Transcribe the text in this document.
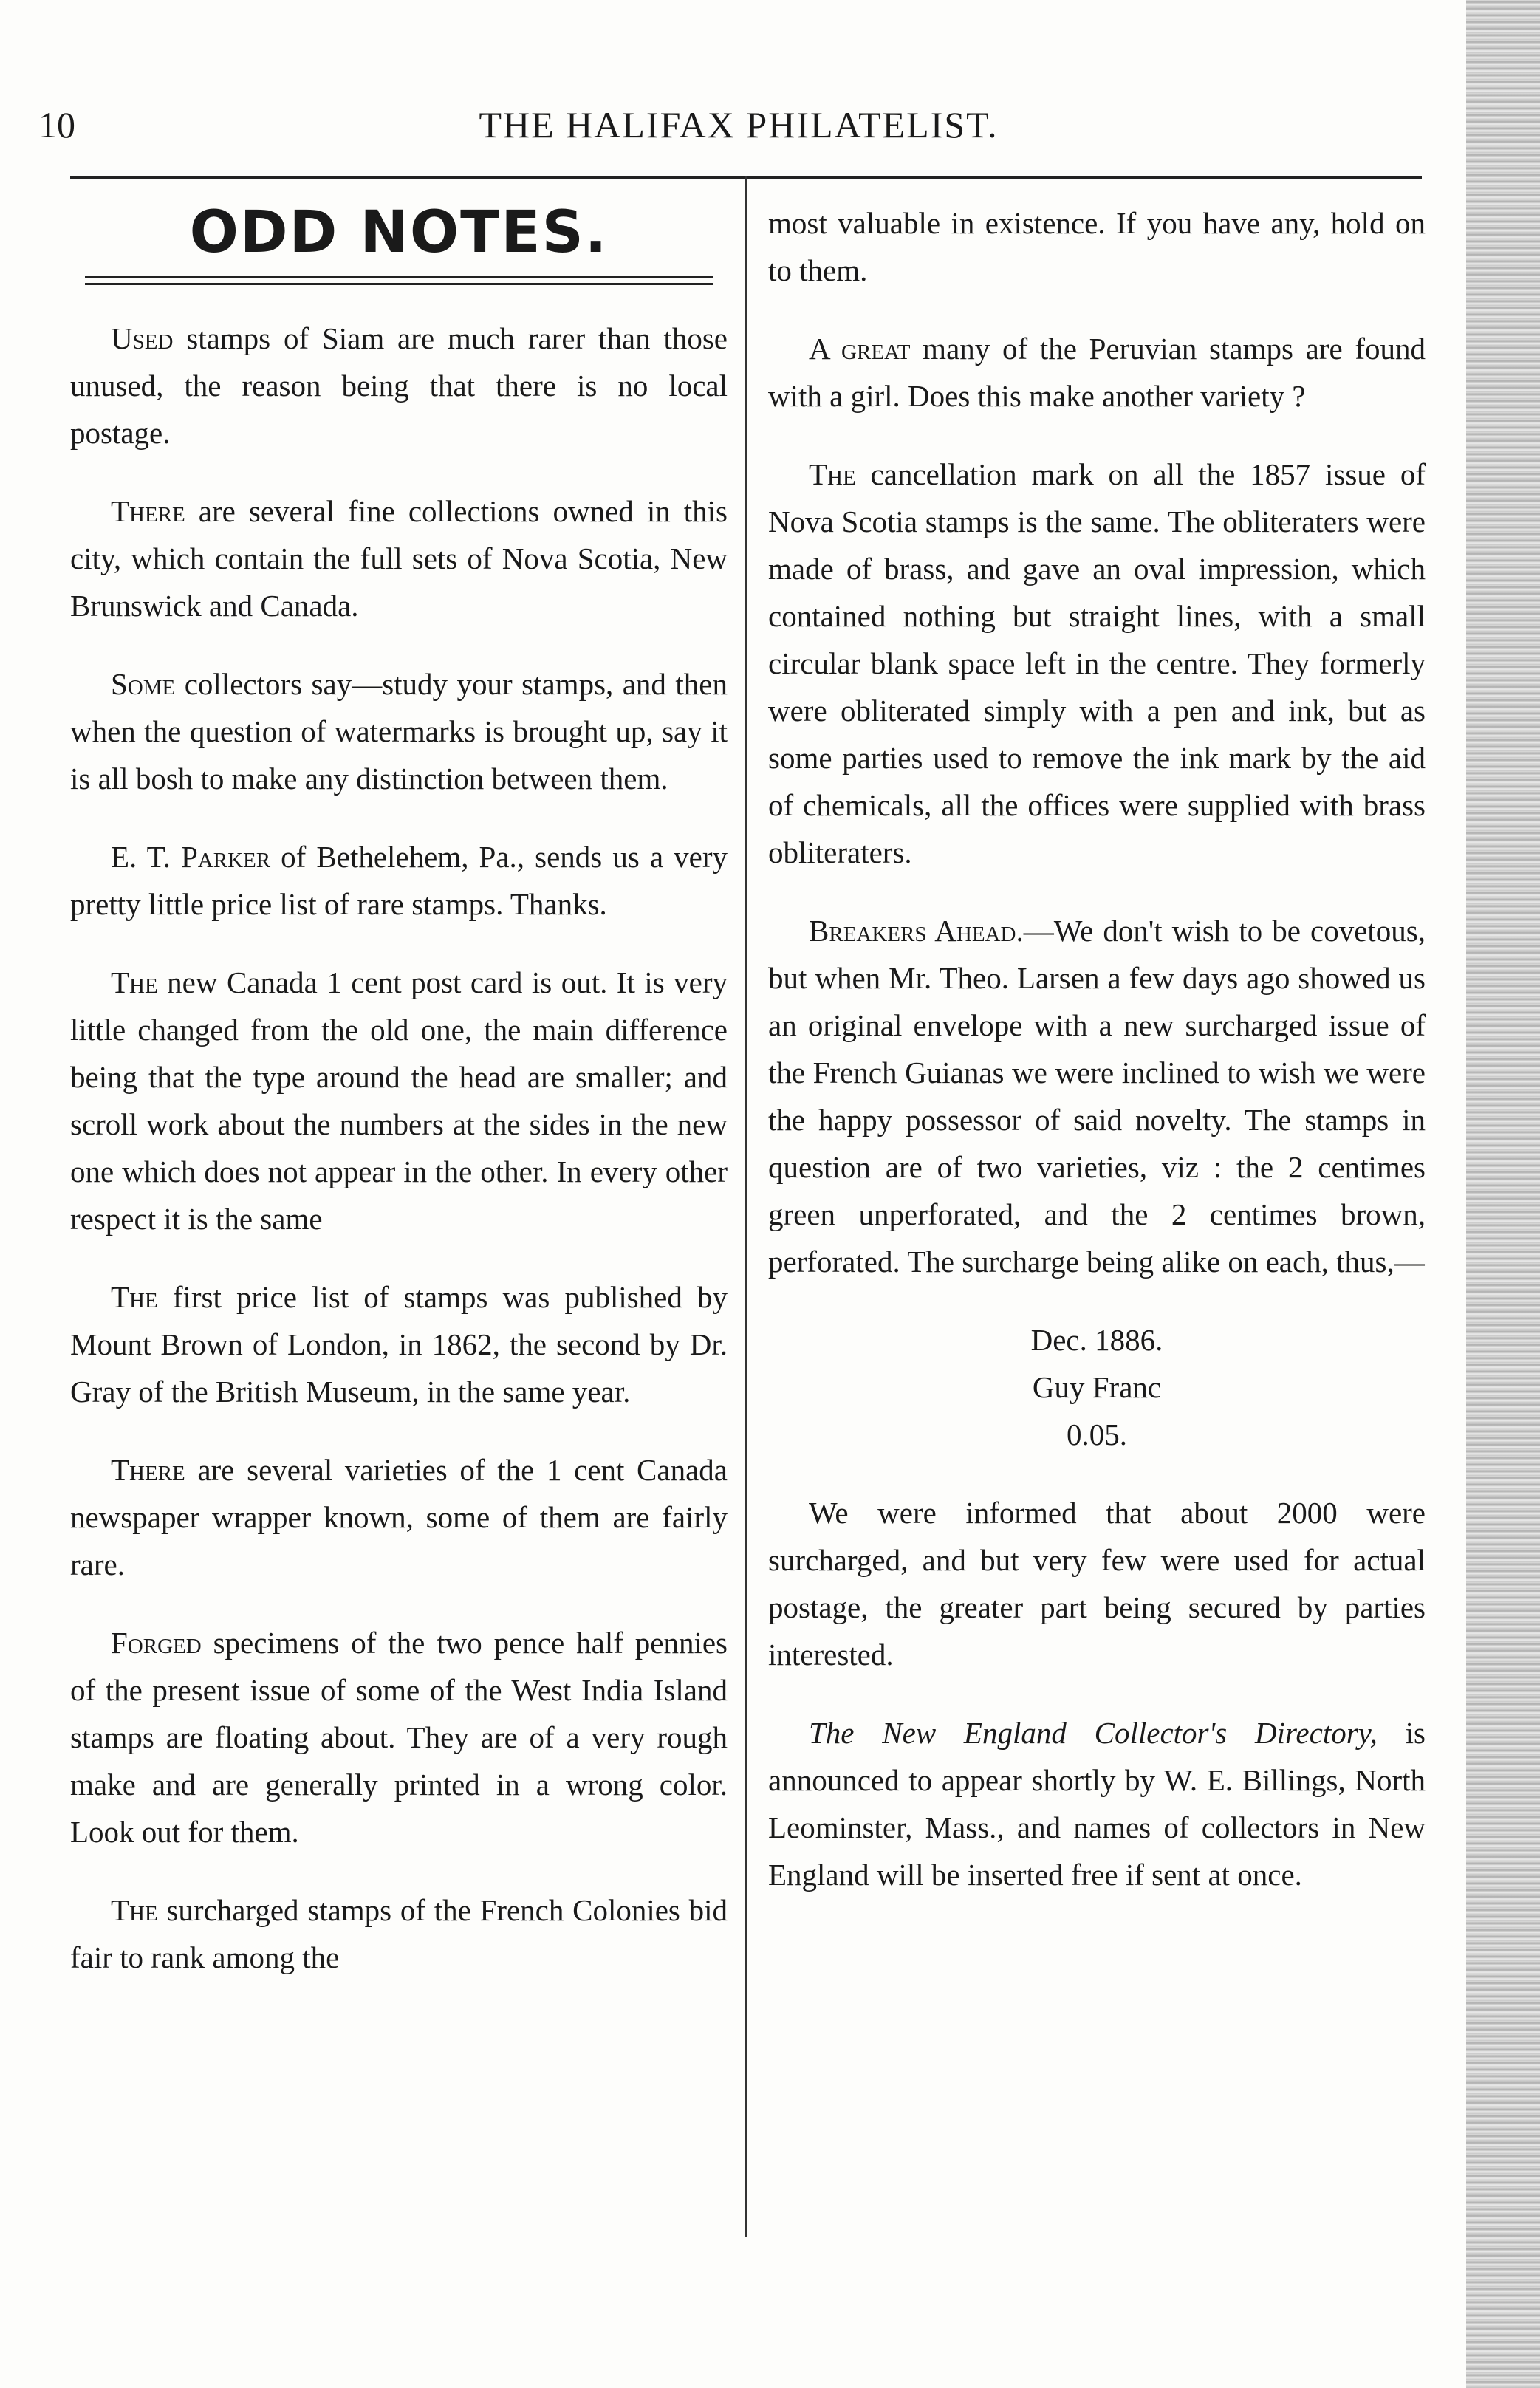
10	THE HALIFAX PHILATELIST.
ODD NOTES.

Used stamps of Siam are much rarer than those unused, the reason being that there is no local postage.

There are several fine collections owned in this city, which contain the full sets of Nova Scotia, New Brunswick and Canada.

Some collectors say—study your stamps, and then when the question of watermarks is brought up, say it is all bosh to make any distinction between them.

E. T. Parker of Bethelehem, Pa., sends us a very pretty little price list of rare stamps. Thanks.

The new Canada 1 cent post card is out. It is very little changed from the old one, the main difference being that the type around the head are smaller; and scroll work about the numbers at the sides in the new one which does not appear in the other. In every other respect it is the same

The first price list of stamps was published by Mount Brown of London, in 1862, the second by Dr. Gray of the British Museum, in the same year.

There are several varieties of the 1 cent Canada newspaper wrapper known, some of them are fairly rare.

Forged specimens of the two pence half pennies of the present issue of some of the West India Island stamps are floating about. They are of a very rough make and are generally printed in a wrong color. Look out for them.

The surcharged stamps of the French Colonies bid fair to rank among the

most valuable in existence. If you have any, hold on to them.

A great many of the Peruvian stamps are found with a girl. Does this make another variety ?

The cancellation mark on all the 1857 issue of Nova Scotia stamps is the same. The obliteraters were made of brass, and gave an oval impression, which contained nothing but straight lines, with a small circular blank space left in the centre. They formerly were obliterated simply with a pen and ink, but as some parties used to remove the ink mark by the aid of chemicals, all the offices were supplied with brass obliteraters.

Breakers Ahead.—We don't wish to be covetous, but when Mr. Theo. Larsen a few days ago showed us an original envelope with a new surcharged issue of the French Guianas we were inclined to wish we were the happy possessor of said novelty. The stamps in question are of two varieties, viz : the 2 centimes green unperforated, and the 2 centimes brown, perforated. The surcharge being alike on each, thus,—

Dec. 1886.

Guy Franc

0.05.

We were informed that about 2000 were surcharged, and but very few were used for actual postage, the greater part being secured by parties interested.

The New England Collector's Directory, is announced to appear shortly by W. E. Billings, North Leominster, Mass., and names of collectors in New England will be inserted free if sent at once.
